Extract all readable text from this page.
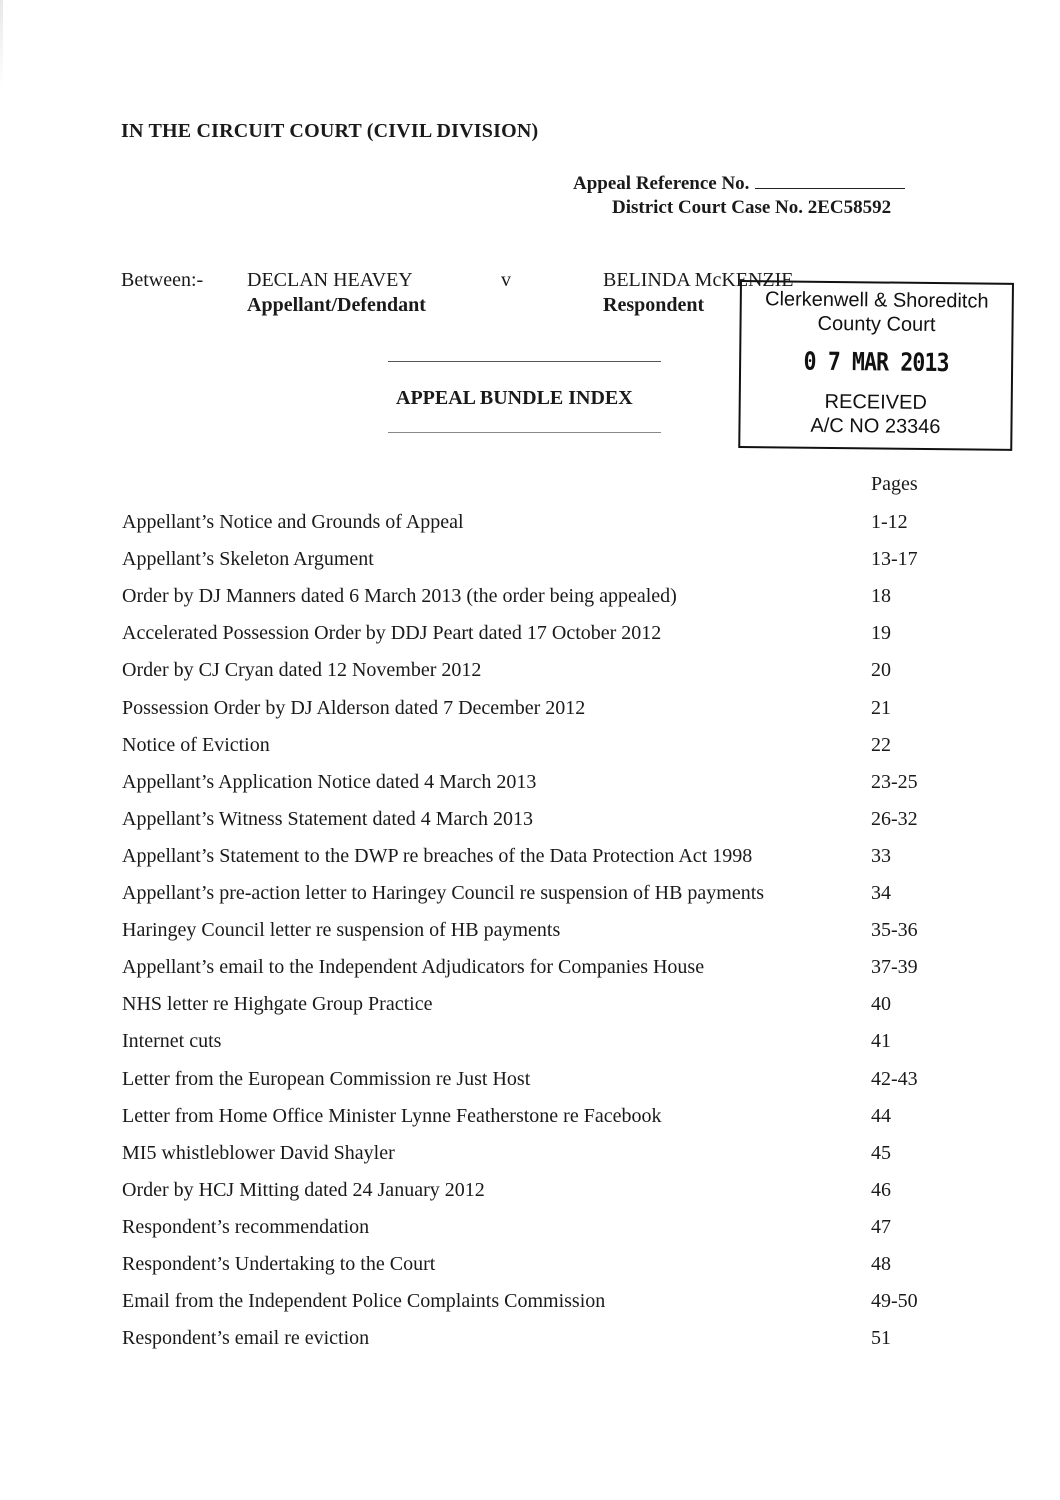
IN THE CIRCUIT COURT (CIVIL DIVISION)
Appeal Reference No.
District Court Case No. 2EC58592
Between:- DECLAN HEAVEY
Appellant/Defendant
v	BELINDA McKENZIE
Respondent
APPEAL BUNDLE INDEX
Clerkenwell & Shoreditch
County Court
0 7 MAR 2013
RECEIVED
A/C NO 23346
Pages
Appellant’s Notice and Grounds of Appeal	1-12
Appellant’s Skeleton Argument	13-17
Order by DJ Manners dated 6 March 2013 (the order being appealed)	18
Accelerated Possession Order by DDJ Peart dated 17 October 2012	19
Order by CJ Cryan dated 12 November 2012	20
Possession Order by DJ Alderson dated 7 December 2012	21
Notice of Eviction	22
Appellant’s Application Notice dated 4 March 2013	23-25
Appellant’s Witness Statement dated 4 March 2013	26-32
Appellant’s Statement to the DWP re breaches of the Data Protection Act 1998	33
Appellant’s pre-action letter to Haringey Council re suspension of HB payments	34
Haringey Council letter re suspension of HB payments	35-36
Appellant’s email to the Independent Adjudicators for Companies House	37-39
NHS letter re Highgate Group Practice	40
Internet cuts	41
Letter from the European Commission re Just Host	42-43
Letter from Home Office Minister Lynne Featherstone re Facebook	44
MI5 whistleblower David Shayler	45
Order by HCJ Mitting dated 24 January 2012	46
Respondent’s recommendation	47
Respondent’s Undertaking to the Court	48
Email from the Independent Police Complaints Commission	49-50
Respondent’s email re eviction	51
